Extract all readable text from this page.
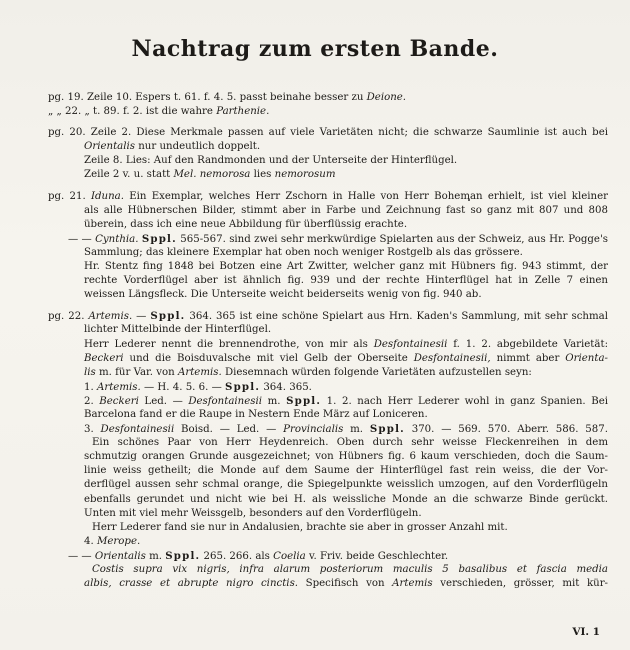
Nachtrag zum ersten Bande.
pg. 19. Zeile 10. Espers t. 61. f. 4. 5. passt beinahe besser zu Deione.
„ „ 22. „ t. 89. f. 2. ist die wahre Parthenie.
pg. 20. Zeile 2. Diese Merkmale passen auf viele Varietäten nicht; die schwarze Saumlinie ist auch bei
Orientalis nur undeutlich doppelt.
Zeile 8. Lies: Auf den Randmonden und der Unterseite der Hinterflügel.
Zeile 2 v. u. statt Mel. nemorosa lies nemorosum
pg. 21. Iduna. Ein Exemplar, welches Herr Zschorn in Halle von Herr Boheman erhielt, ist viel kleiner
als alle Hübnerschen Bilder, stimmt aber in Farbe und Zeichnung fast so ganz mit 807 und 808
überein, dass ich eine neue Abbildung für überflüssig erachte.
— — Cynthia. Sppl. 565-567. sind zwei sehr merkwürdige Spielarten aus der Schweiz, aus Hr. Pogge's
Sammlung; das kleinere Exemplar hat oben noch weniger Rostgelb als das grössere.
Hr. Stentz fing 1848 bei Botzen eine Art Zwitter, welcher ganz mit Hübners fig. 943 stimmt, der
rechte Vorderflügel aber ist ähnlich fig. 939 und der rechte Hinterflügel hat in Zelle 7 einen
weissen Längsfleck. Die Unterseite weicht beiderseits wenig von fig. 940 ab.
pg. 22. Artemis. — Sppl. 364. 365 ist eine schöne Spielart aus Hrn. Kaden's Sammlung, mit sehr schmal
lichter Mittelbinde der Hinterflügel.
Herr Lederer nennt die brennendrothe, von mir als Desfontainesii f. 1. 2. abgebildete Varietät:
Beckeri und die Boisduvalsche mit viel Gelb der Oberseite Desfontainesii, nimmt aber Orienta-
lis m. für Var. von Artemis. Diesemnach würden folgende Varietäten aufzustellen seyn:
1. Artemis. — H. 4. 5. 6. — Sppl. 364. 365.
2. Beckeri Led. — Desfontainesii m. Sppl. 1. 2. nach Herr Lederer wohl in ganz Spanien. Bei
Barcelona fand er die Raupe in Nestern Ende März auf Loniceren.
3. Desfontainesii Boisd. — Led. — Provincialis m. Sppl. 370. — 569. 570. Aberr. 586. 587.
Ein schönes Paar von Herr Heydenreich. Oben durch sehr weisse Fleckenreihen in dem
schmutzig orangen Grunde ausgezeichnet; von Hübners fig. 6 kaum verschieden, doch die Saum-
linie weiss getheilt; die Monde auf dem Saume der Hinterflügel fast rein weiss, die der Vor-
derflügel aussen sehr schmal orange, die Spiegelpunkte weisslich umzogen, auf den Vorderflügeln
ebenfalls gerundet und nicht wie bei H. als weissliche Monde an die schwarze Binde gerückt.
Unten mit viel mehr Weissgelb, besonders auf den Vorderflügeln.
Herr Lederer fand sie nur in Andalusien, brachte sie aber in grosser Anzahl mit.
4. Merope.
— — Orientalis m. Sppl. 265. 266. als Coelia v. Friv. beide Geschlechter.
Costis supra vix nigris, infra alarum posteriorum maculis 5 basalibus et fascia media
albis, crasse et abrupte nigro cinctis. Specifisch von Artemis verschieden, grösser, mit kür-
VI. 1
